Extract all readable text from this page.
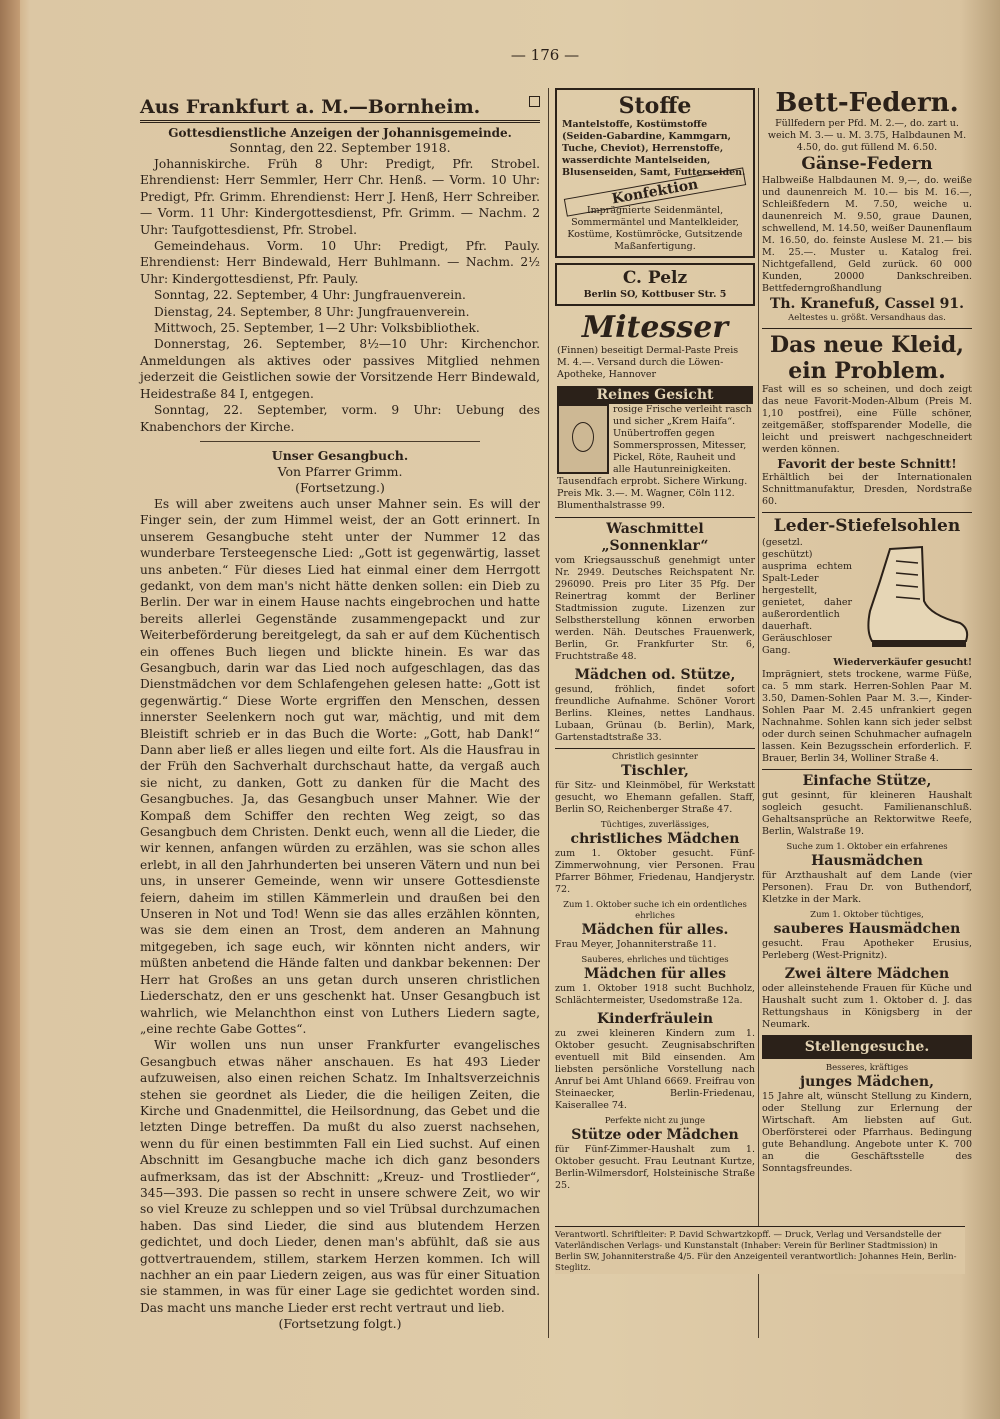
— 176 —
Aus Frankfurt a. M.—Bornheim.
Gottesdienstliche Anzeigen der Johannisgemeinde.
Sonntag, den 22. September 1918.

Johanniskirche. Früh 8 Uhr: Predigt, Pfr. Strobel. Ehrendienst: Herr Semmler, Herr Chr. Henß. — Vorm. 10 Uhr: Predigt, Pfr. Grimm. Ehrendienst: Herr J. Henß, Herr Schreiber. — Vorm. 11 Uhr: Kindergottesdienst, Pfr. Grimm. — Nachm. 2 Uhr: Taufgottesdienst, Pfr. Strobel.

Gemeindehaus. Vorm. 10 Uhr: Predigt, Pfr. Pauly. Ehrendienst: Herr Bindewald, Herr Buhlmann. — Nachm. 2½ Uhr: Kindergottesdienst, Pfr. Pauly.

Sonntag, 22. September, 4 Uhr: Jungfrauenverein.

Dienstag, 24. September, 8 Uhr: Jungfrauenverein.

Mittwoch, 25. September, 1—2 Uhr: Volksbibliothek.

Donnerstag, 26. September, 8½—10 Uhr: Kirchenchor. Anmeldungen als aktives oder passives Mitglied nehmen jederzeit die Geistlichen sowie der Vorsitzende Herr Bindewald, Heidestraße 84 I, entgegen.

Sonntag, 22. September, vorm. 9 Uhr: Uebung des Knabenchors der Kirche.

Unser Gesangbuch.
Von Pfarrer Grimm.
(Fortsetzung.)

Es will aber zweitens auch unser Mahner sein. Es will der Finger sein, der zum Himmel weist, der an Gott erinnert. In unserem Gesangbuche steht unter der Nummer 12 das wunderbare Tersteegensche Lied: „Gott ist gegenwärtig, lasset uns anbeten.“ Für dieses Lied hat einmal einer dem Herrgott gedankt, von dem man's nicht hätte denken sollen: ein Dieb zu Berlin. Der war in einem Hause nachts eingebrochen und hatte bereits allerlei Gegenstände zusammengepackt und zur Weiterbeförderung bereitgelegt, da sah er auf dem Küchentisch ein offenes Buch liegen und blickte hinein. Es war das Gesangbuch, darin war das Lied noch aufgeschlagen, das das Dienstmädchen vor dem Schlafengehen gelesen hatte: „Gott ist gegenwärtig.“ Diese Worte ergriffen den Menschen, dessen innerster Seelenkern noch gut war, mächtig, und mit dem Bleistift schrieb er in das Buch die Worte: „Gott, hab Dank!“ Dann aber ließ er alles liegen und eilte fort. Als die Hausfrau in der Früh den Sachverhalt durchschaut hatte, da vergaß auch sie nicht, zu danken, Gott zu danken für die Macht des Gesangbuches. Ja, das Gesangbuch unser Mahner. Wie der Kompaß dem Schiffer den rechten Weg zeigt, so das Gesangbuch dem Christen. Denkt euch, wenn all die Lieder, die wir kennen, anfangen würden zu erzählen, was sie schon alles erlebt, in all den Jahrhunderten bei unseren Vätern und nun bei uns, in unserer Gemeinde, wenn wir unsere Gottesdienste feiern, daheim im stillen Kämmerlein und draußen bei den Unseren in Not und Tod! Wenn sie das alles erzählen könnten, was sie dem einen an Trost, dem anderen an Mahnung mitgegeben, ich sage euch, wir könnten nicht anders, wir müßten anbetend die Hände falten und dankbar bekennen: Der Herr hat Großes an uns getan durch unseren christlichen Liederschatz, den er uns geschenkt hat. Unser Gesangbuch ist wahrlich, wie Melanchthon einst von Luthers Liedern sagte, „eine rechte Gabe Gottes“.

Wir wollen uns nun unser Frankfurter evangelisches Gesangbuch etwas näher anschauen. Es hat 493 Lieder aufzuweisen, also einen reichen Schatz. Im Inhaltsverzeichnis stehen sie geordnet als Lieder, die die heiligen Zeiten, die Kirche und Gnadenmittel, die Heilsordnung, das Gebet und die letzten Dinge betreffen. Da mußt du also zuerst nachsehen, wenn du für einen bestimmten Fall ein Lied suchst. Auf einen Abschnitt im Gesangbuche mache ich dich ganz besonders aufmerksam, das ist der Abschnitt: „Kreuz- und Trostlieder“, 345—393. Die passen so recht in unsere schwere Zeit, wo wir so viel Kreuze zu schleppen und so viel Trübsal durchzumachen haben. Das sind Lieder, die sind aus blutendem Herzen gedichtet, und doch Lieder, denen man's abfühlt, daß sie aus gottvertrauendem, stillem, starkem Herzen kommen. Ich will nachher an ein paar Liedern zeigen, aus was für einer Situation sie stammen, in was für einer Lage sie gedichtet worden sind. Das macht uns manche Lieder erst recht vertraut und lieb.

(Fortsetzung folgt.)
Stoffe

Mantelstoffe, Kostümstoffe (Seiden-Gabardine, Kammgarn, Tuche, Cheviot), Herrenstoffe, wasserdichte Mantelseiden, Blusenseiden, Samt, Futterseiden.

Konfektion

Imprägnierte Seidenmäntel, Sommermäntel und Mantelkleider, Kostüme, Kostümröcke, Gutsitzende Maßanfertigung.

C. Pelz
Berlin SO, Kottbuser Str. 5
Mitesser

(Finnen) beseitigt Dermal-Paste Preis M. 4.—. Versand durch die Löwen-Apotheke, Hannover

Reines Gesicht

rosige Frische verleiht rasch und sicher „Krem Haifa“. Unübertroffen gegen Sommersprossen, Mitesser, Pickel, Röte, Rauheit und alle Hautunreinigkeiten. Tausendfach erprobt. Sichere Wirkung. Preis Mk. 3.—. M. Wagner, Cöln 112. Blumenthalstrasse 99.

Waschmittel „Sonnenklar“

vom Kriegsausschuß genehmigt unter Nr. 2949. Deutsches Reichspatent Nr. 296090. Preis pro Liter 35 Pfg. Der Reinertrag kommt der Berliner Stadtmission zugute. Lizenzen zur Selbstherstellung können erworben werden. Näh. Deutsches Frauenwerk, Berlin, Gr. Frankfurter Str. 6, Fruchtstraße 48.

Mädchen od. Stütze,

gesund, fröhlich, findet sofort freundliche Aufnahme. Schöner Vorort Berlins. Kleines, nettes Landhaus. Lubaan, Grünau (b. Berlin), Mark, Gartenstadtstraße 33.

Christlich gesinnter
Tischler,

für Sitz- und Kleinmöbel, für Werkstatt gesucht, wo Ehemann gefallen. Staff, Berlin SO, Reichenberger Straße 47.

Tüchtiges, zuverlässiges,
christliches Mädchen

zum 1. Oktober gesucht. Fünf-Zimmerwohnung, vier Personen. Frau Pfarrer Böhmer, Friedenau, Handjerystr. 72.

Zum 1. Oktober suche ich ein ordentliches ehrliches
Mädchen für alles.

Frau Meyer, Johanniterstraße 11.

Sauberes, ehrliches und tüchtiges
Mädchen für alles

zum 1. Oktober 1918 sucht Buchholz, Schlächtermeister, Usedomstraße 12a.

Kinderfräulein

zu zwei kleineren Kindern zum 1. Oktober gesucht. Zeugnisabschriften eventuell mit Bild einsenden. Am liebsten persönliche Vorstellung nach Anruf bei Amt Uhland 6669. Freifrau von Steinaecker, Berlin-Friedenau, Kaiserallee 74.

Perfekte nicht zu junge
Stütze oder Mädchen

für Fünf-Zimmer-Haushalt zum 1. Oktober gesucht. Frau Leutnant Kurtze, Berlin-Wilmersdorf, Holsteinische Straße 25.

Bett-Federn.

Füllfedern per Pfd. M. 2.—, do. zart u. weich M. 3.— u. M. 3.75, Halbdaunen M. 4.50, do. gut füllend M. 6.50.

Gänse-Federn

Halbweiße Halbdaunen M. 9,—, do. weiße und daunenreich M. 10.— bis M. 16.—, Schleißfedern M. 7.50, weiche u. daunenreich M. 9.50, graue Daunen, schwellend, M. 14.50, weißer Daunenflaum M. 16.50, do. feinste Auslese M. 21.— bis M. 25.—. Muster u. Katalog frei. Nichtgefallend, Geld zurück. 60 000 Kunden, 20000 Dankschreiben. Bettfederngroßhandlung

Th. Kranefuß, Cassel 91.
Aeltestes u. größt. Versandhaus das.
Das neue Kleid,
ein Problem.

Fast will es so scheinen, und doch zeigt das neue Favorit-Moden-Album (Preis M. 1,10 postfrei), eine Fülle schöner, zeitgemäßer, stoffsparender Modelle, die leicht und preiswert nachgeschneidert werden können.

Favorit der beste Schnitt!

Erhältlich bei der Internationalen Schnittmanufaktur, Dresden, Nordstraße 60.

Leder-Stiefelsohlen

(gesetzl. geschützt) ausprima echtem Spalt-Leder hergestellt, genietet, daher außerordentlich dauerhaft. Geräuschloser Gang.

Wiederverkäufer gesucht!

Imprägniert, stets trockene, warme Füße, ca. 5 mm stark. Herren-Sohlen Paar M. 3.50, Damen-Sohlen Paar M. 3.—, Kinder-Sohlen Paar M. 2.45 unfrankiert gegen Nachnahme. Sohlen kann sich jeder selbst oder durch seinen Schuhmacher aufnageln lassen. Kein Bezugsschein erforderlich. F. Brauer, Berlin 34, Wolliner Straße 4.

Einfache Stütze,

gut gesinnt, für kleineren Haushalt sogleich gesucht. Familienanschluß. Gehaltsansprüche an Rektorwitwe Reefe, Berlin, Walstraße 19.

Suche zum 1. Oktober ein erfahrenes
Hausmädchen

für Arzthaushalt auf dem Lande (vier Personen). Frau Dr. von Buthendorf, Kletzke in der Mark.

Zum 1. Oktober tüchtiges,
sauberes Hausmädchen

gesucht. Frau Apotheker Erusius, Perleberg (West-Prignitz).

Zwei ältere Mädchen

oder alleinstehende Frauen für Küche und Haushalt sucht zum 1. Oktober d. J. das Rettungshaus in Königsberg in der Neumark.

Stellengesuche.
Besseres, kräftiges
junges Mädchen,

15 Jahre alt, wünscht Stellung zu Kindern, oder Stellung zur Erlernung der Wirtschaft. Am liebsten auf Gut. Oberförsterei oder Pfarrhaus. Bedingung gute Behandlung. Angebote unter K. 700 an die Geschäftsstelle des Sonntagsfreundes.

Verantwortl. Schriftleiter: P. David Schwartzkopff. — Druck, Verlag und Versandstelle der Vaterländischen Verlags- und Kunstanstalt (Inhaber: Verein für Berliner Stadtmission) in Berlin SW, Johanniterstraße 4/5. Für den Anzeigenteil verantwortlich: Johannes Hein, Berlin-Steglitz.
